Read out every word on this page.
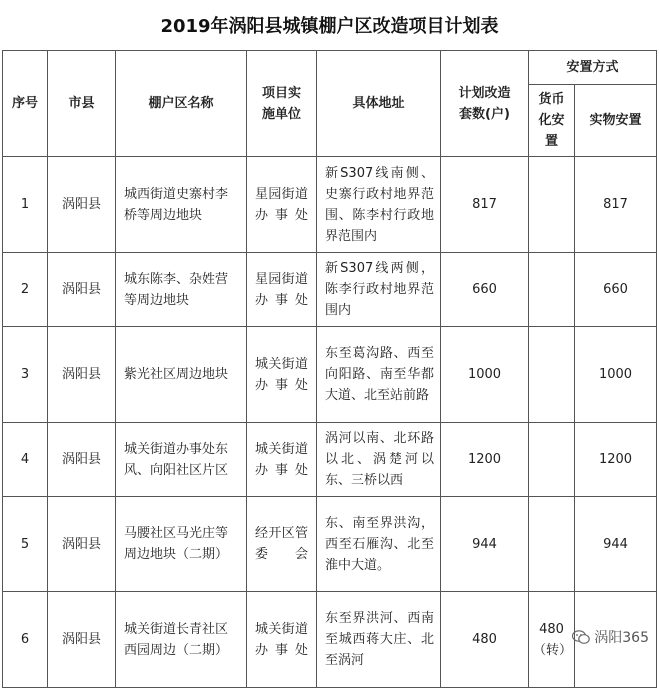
2019年涡阳县城镇棚户区改造项目计划表
序号	市县	棚户区名称	项目实施单位	具体地址	计划改造套数(户)	安置方式	
						货币化安置	实物安置
1	涡阳县	城西街道史寨村李桥等周边地块	星园街道办事处	新S307线南侧、史寨行政村地界范围、陈李村行政地界范围内	817		817
2	涡阳县	城东陈李、杂姓营等周边地块	星园街道办事处	新S307线两侧，陈李行政村地界范围内	660		660
3	涡阳县	紫光社区周边地块	城关街道办事处	东至葛沟路、西至向阳路、南至华都大道、北至站前路	1000		1000
4	涡阳县	城关街道办事处东风、向阳社区片区	城关街道办事处	涡河以南、北环路以北、涡楚河以东、三桥以西	1200		1200
5	涡阳县	马腰社区马光庄等周边地块（二期）	经开区管委会	东、南至界洪沟，西至石雁沟、北至淮中大道。	944		944
6	涡阳县	城关街道长青社区西园周边（二期）	城关街道办事处	东至界洪河、西南至城西蒋大庄、北至涡河	480	480（转）	
涡阳365
